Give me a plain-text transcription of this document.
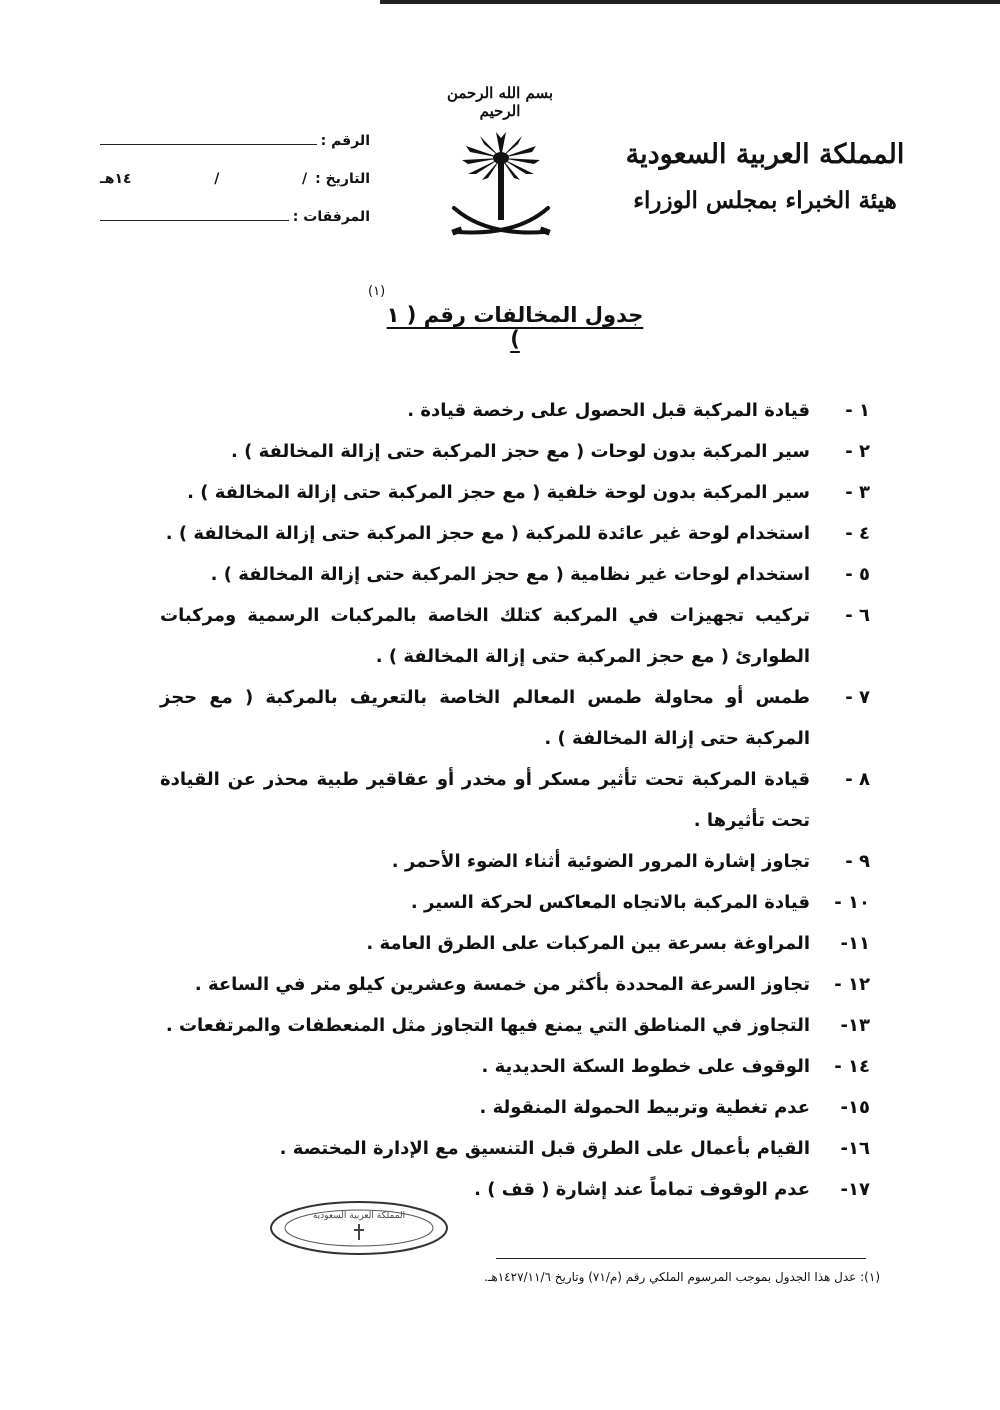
بسم الله الرحمن الرحيم
المملكة العربية السعودية
هيئة الخبراء بمجلس الوزراء
الرقم :
التاريخ :
/
/
١٤هـ
المرفقات :
(١)
جدول المخالفات رقم ( ١ )
١ -
قيادة المركبة قبل الحصول على رخصة قيادة .
٢ -
سير المركبة بدون لوحات ( مع حجز المركبة حتى إزالة المخالفة ) .
٣ -
سير المركبة بدون لوحة خلفية ( مع حجز المركبة حتى إزالة المخالفة ) .
٤ -
استخدام لوحة غير عائدة للمركبة ( مع حجز المركبة حتى إزالة المخالفة ) .
٥ -
استخدام لوحات غير نظامية ( مع حجز المركبة حتى إزالة المخالفة ) .
٦ -
تركيب تجهيزات في المركبة كتلك الخاصة بالمركبات الرسمية ومركبات الطوارئ ( مع حجز المركبة حتى إزالة المخالفة ) .
٧ -
طمس أو محاولة طمس المعالم الخاصة بالتعريف بالمركبة ( مع حجز المركبة حتى إزالة المخالفة ) .
٨ -
قيادة المركبة تحت تأثير مسكر أو مخدر أو عقاقير طبية محذر عن القيادة تحت تأثيرها .
٩ -
تجاوز إشارة المرور الضوئية أثناء الضوء الأحمر .
١٠ -
قيادة المركبة بالاتجاه المعاكس لحركة السير .
١١-
المراوغة بسرعة بين المركبات على الطرق العامة .
١٢ -
تجاوز السرعة المحددة بأكثر من خمسة وعشرين كيلو متر في الساعة .
١٣-
التجاوز في المناطق التي يمنع فيها التجاوز مثل المنعطفات والمرتفعات .
١٤ -
الوقوف على خطوط السكة الحديدية .
١٥-
عدم تغطية وتربيط الحمولة المنقولة .
١٦-
القيام بأعمال على الطرق قبل التنسيق مع الإدارة المختصة .
١٧-
عدم الوقوف تماماً عند إشارة ( قف ) .
المملكة العربية السعودية
(١): عدل هذا الجدول بموجب المرسوم الملكي رقم (م/٧١) وتاريخ ١٤٢٧/١١/٦هـ.
